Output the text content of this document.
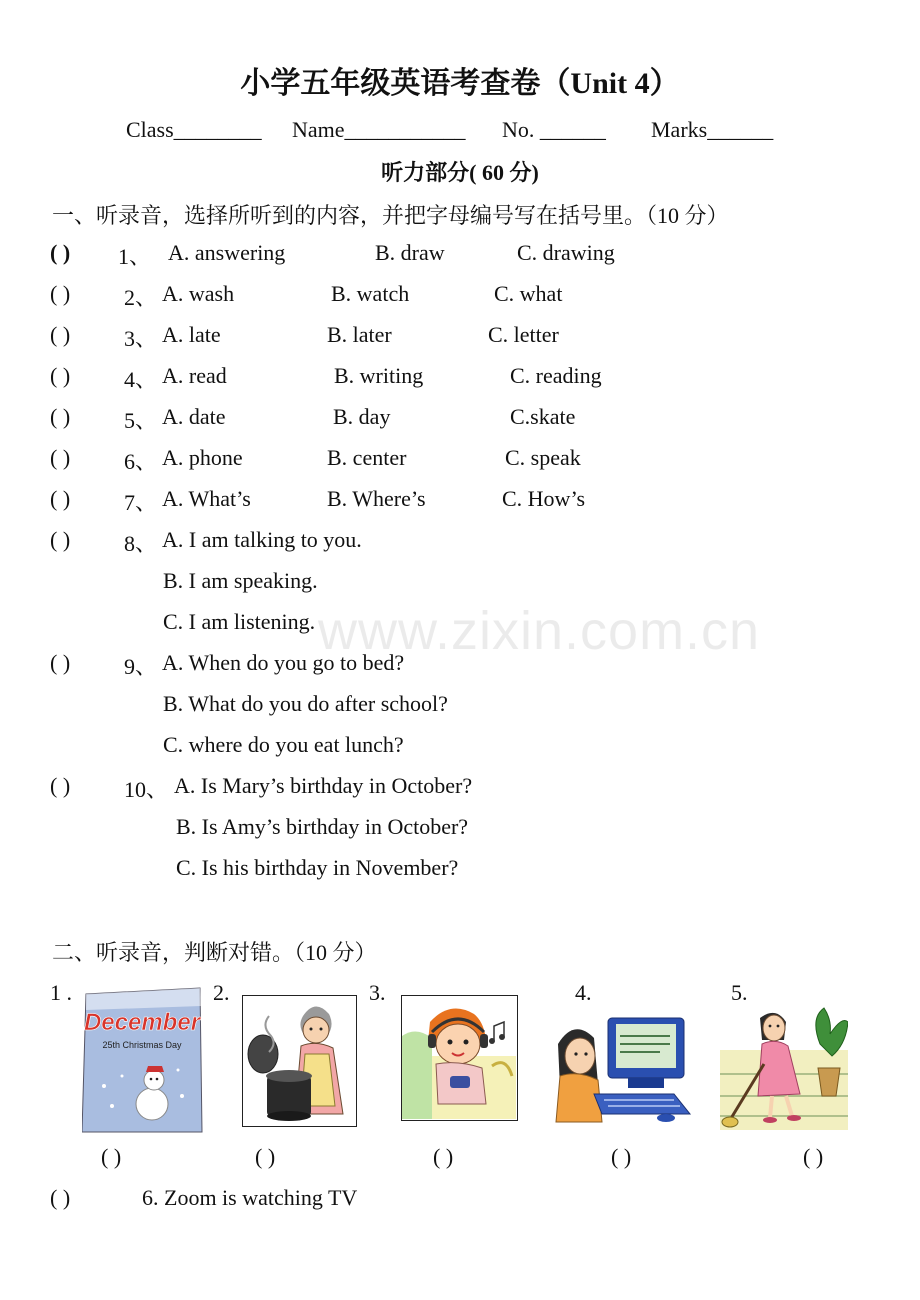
小学五年级英语考查卷（Unit 4）
Class________ Name___________ No. ______ Marks______
听力部分( 60 分)
一、听录音，选择所听到的内容，并把字母编号写在括号里。（10 分）
( ) 1、 A. answering	B. draw	C. drawing
( ) 2、 A. wash	B. watch	C. what
( ) 3、 A. late	B. later	C. letter
( ) 4、 A. read	B. writing	C. reading
( ) 5、 A. date	B. day	C.skate
( ) 6、 A. phone	B. center	C. speak
( ) 7、 A. What’s	B. Where’s	C. How’s
( ) 8、 A. I am talking to you.
B. I am speaking.
C. I am listening.
( ) 9、 A. When do you go to bed?
B. What do you do after school?
C. where do you eat lunch?
( ) 10、 A. Is Mary’s birthday in October?
B. Is Amy’s birthday in October?
C. Is his birthday in November?
www.zixin.com.cn
二、听录音，判断对错。（10 分）
1 .	2.	3.	4.	5.
December
25th Christmas Day
( )	( )	( )	( )	( )
( )	6. Zoom is watching TV
